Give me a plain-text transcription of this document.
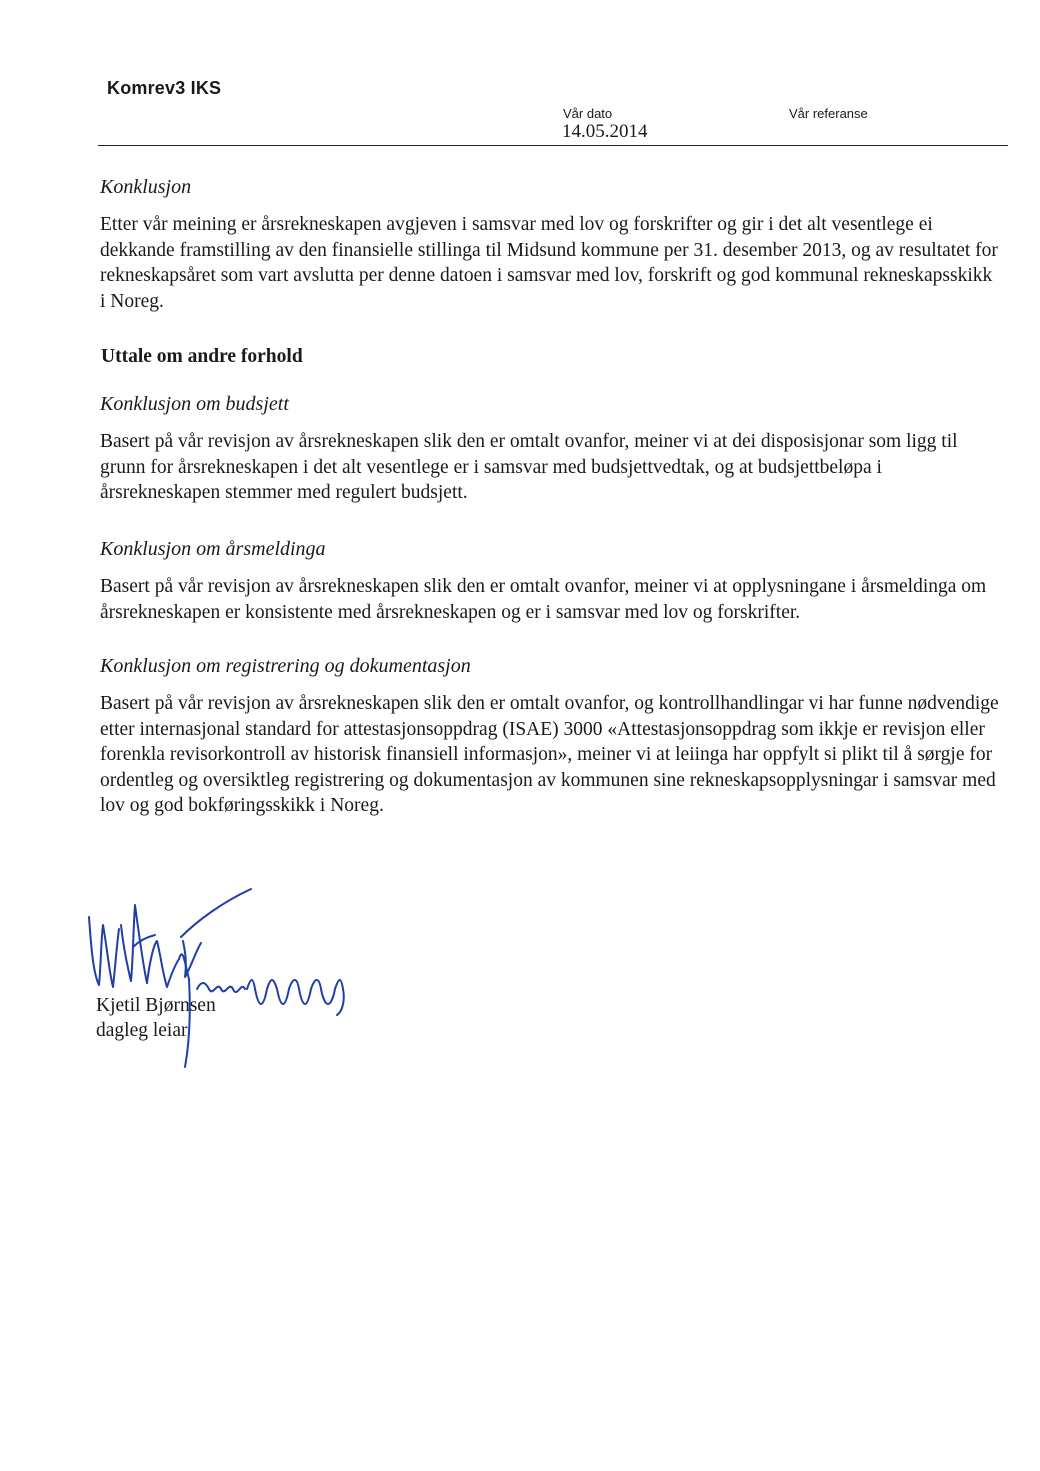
Komrev3 IKS
Vår dato
14.05.2014
Vår referanse
Konklusjon
Etter vår meining er årsrekneskapen avgjeven i samsvar med lov og forskrifter og gir i det alt vesentlege ei dekkande framstilling av den finansielle stillinga til Midsund kommune per 31. desember 2013, og av resultatet for rekneskapsåret som vart avslutta per denne datoen i samsvar med lov, forskrift og god kommunal rekneskapsskikk i Noreg.
Uttale om andre forhold
Konklusjon om budsjett
Basert på vår revisjon av årsrekneskapen slik den er omtalt ovanfor, meiner vi at dei disposisjonar som ligg til grunn for årsrekneskapen i det alt vesentlege er i samsvar med budsjettvedtak, og at budsjettbeløpa i årsrekneskapen stemmer med regulert budsjett.
Konklusjon om årsmeldinga
Basert på vår revisjon av årsrekneskapen slik den er omtalt ovanfor, meiner vi at opplysningane i årsmeldinga om årsrekneskapen er konsistente med årsrekneskapen og er i samsvar med lov og forskrifter.
Konklusjon om registrering og dokumentasjon
Basert på vår revisjon av årsrekneskapen slik den er omtalt ovanfor, og kontrollhandlingar vi har funne nødvendige etter internasjonal standard for attestasjonsoppdrag (ISAE) 3000 «Attestasjonsoppdrag som ikkje er revisjon eller forenkla revisorkontroll av historisk finansiell informasjon», meiner vi at leiinga har oppfylt si plikt til å sørgje for ordentleg og oversiktleg registrering og dokumentasjon av kommunen sine rekneskapsopplysningar i samsvar med lov og god bokføringsskikk i Noreg.
Kjetil Bjørnsen
dagleg leiar
